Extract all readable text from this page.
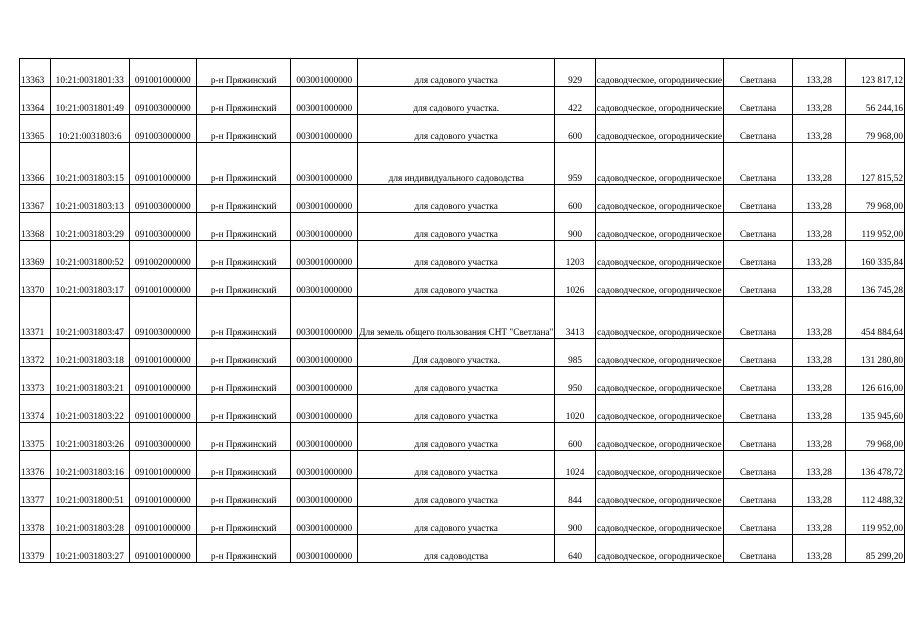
13363	10:21:0031801:33	091001000000	р-н Пряжинский	003001000000	для садового участка	929	садоводческое, огороднические	Светлана	133,28	123 817,12
13364	10:21:0031801:49	091003000000	р-н Пряжинский	003001000000	для садового участка.	422	садоводческое, огороднические	Светлана	133,28	56 244,16
13365	10:21:0031803:6	091003000000	р-н Пряжинский	003001000000	для садового участка	600	садоводческое, огороднические	Светлана	133,28	79 968,00
13366	10:21:0031803:15	091001000000	р-н Пряжинский	003001000000	для индивидуального садоводства	959	садоводческое, огородническое	Светлана	133,28	127 815,52
13367	10:21:0031803:13	091003000000	р-н Пряжинский	003001000000	для садового участка	600	садоводческое, огородническое	Светлана	133,28	79 968,00
13368	10:21:0031803:29	091003000000	р-н Пряжинский	003001000000	для садового участка	900	садоводческое, огородническое	Светлана	133,28	119 952,00
13369	10:21:0031800:52	091002000000	р-н Пряжинский	003001000000	для садового участка	1203	садоводческое, огородническое	Светлана	133,28	160 335,84
13370	10:21:0031803:17	091001000000	р-н Пряжинский	003001000000	для садового участка	1026	садоводческое, огородническое	Светлана	133,28	136 745,28
13371	10:21:0031803:47	091003000000	р-н Пряжинский	003001000000	Для земель общего пользования СНТ "Светлана"	3413	садоводческое, огородническое	Светлана	133,28	454 884,64
13372	10:21:0031803:18	091001000000	р-н Пряжинский	003001000000	Для садового участка.	985	садоводческое, огородническое	Светлана	133,28	131 280,80
13373	10:21:0031803:21	091001000000	р-н Пряжинский	003001000000	для садового участка	950	садоводческое, огородническое	Светлана	133,28	126 616,00
13374	10:21:0031803:22	091001000000	р-н Пряжинский	003001000000	для садового участка	1020	садоводческое, огородническое	Светлана	133,28	135 945,60
13375	10:21:0031803:26	091003000000	р-н Пряжинский	003001000000	для садового участка	600	садоводческое, огородническое	Светлана	133,28	79 968,00
13376	10:21:0031803:16	091001000000	р-н Пряжинский	003001000000	для садового участка	1024	садоводческое, огородническое	Светлана	133,28	136 478,72
13377	10:21:0031800:51	091001000000	р-н Пряжинский	003001000000	для садового участка	844	садоводческое, огородническое	Светлана	133,28	112 488,32
13378	10:21:0031803:28	091001000000	р-н Пряжинский	003001000000	для садового участка	900	садоводческое, огородническое	Светлана	133,28	119 952,00
13379	10:21:0031803:27	091001000000	р-н Пряжинский	003001000000	для садоводства	640	садоводческое, огородническое	Светлана	133,28	85 299,20
